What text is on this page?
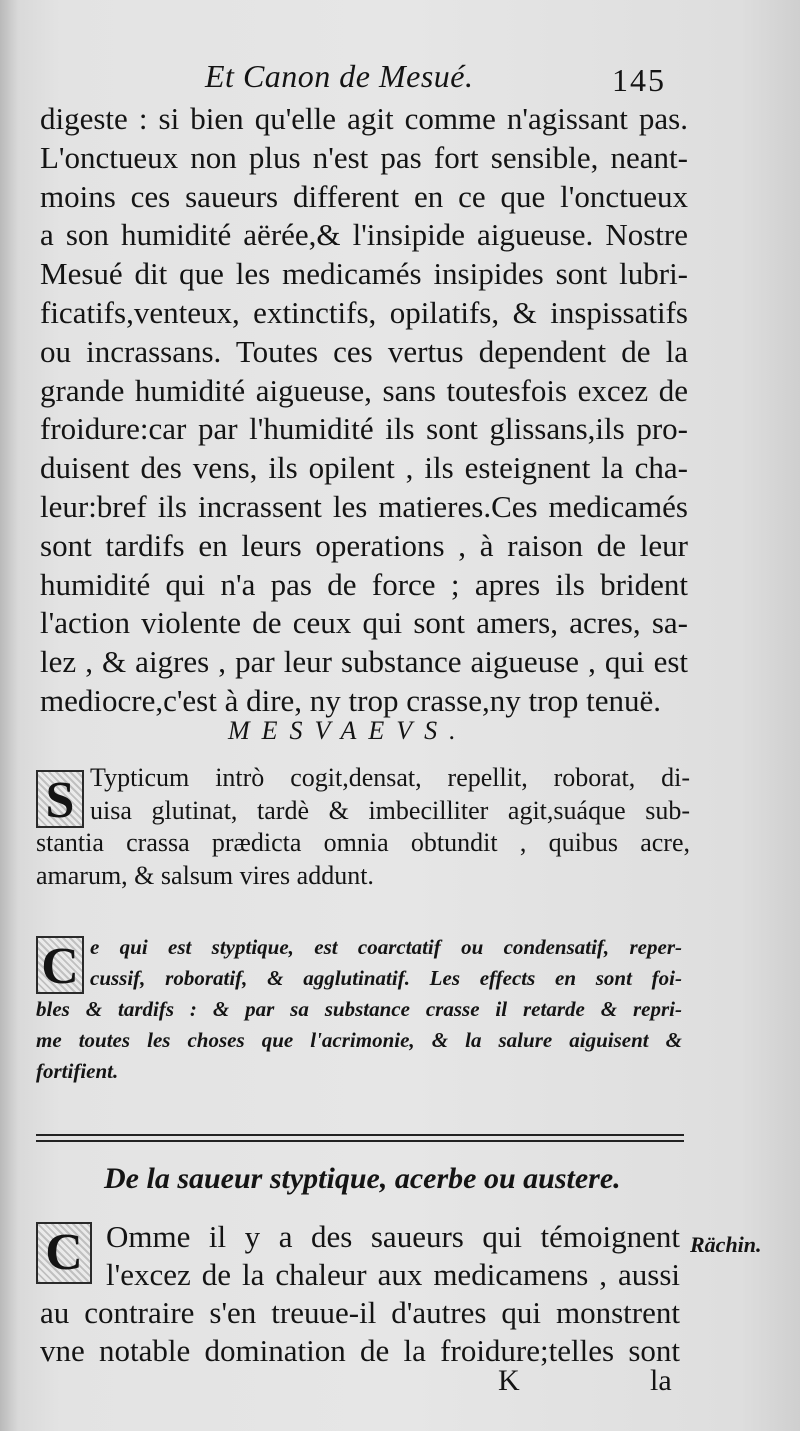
Et Canon de Mesué.	145
digeste : si bien qu'elle agit comme n'agissant pas.
L'onctueux non plus n'est pas fort sensible, neant-
moins ces saueurs different en ce que l'onctueux
a son humidité aërée,& l'insipide aigueuse. Nostre
Mesué dit que les medicamés insipides sont lubri-
ficatifs,venteux, extinctifs, opilatifs, & inspissatifs
ou incrassans. Toutes ces vertus dependent de la
grande humidité aigueuse, sans toutesfois excez de
froidure:car par l'humidité ils sont glissans,ils pro-
duisent des vens, ils opilent , ils esteignent la cha-
leur:bref ils incrassent les matieres.Ces medicamés
sont tardifs en leurs operations , à raison de leur
humidité qui n'a pas de force ; apres ils brident
l'action violente de ceux qui sont amers, acres, sa-
lez , & aigres , par leur substance aigueuse , qui est
mediocre,c'est à dire, ny trop crasse,ny trop tenuë.
MESVAEVS.
S Typticum intrò cogit,densat, repellit, roborat, di-
uisa glutinat, tardè & imbecilliter agit,suáque sub-
stantia crassa prædicta omnia obtundit , quibus acre,
amarum, & salsum vires addunt.
C e qui est styptique, est coarctatif ou condensatif, reper-
cussif, roboratif, & agglutinatif. Les effects en sont foi-
bles & tardifs : & par sa substance crasse il retarde & repri-
me toutes les choses que l'acrimonie, & la salure aiguisent &
fortifient.
De la saueur styptique, acerbe ou austere.
C Omme il y a des saueurs qui témoignent
l'excez de la chaleur aux medicamens , aussi
au contraire s'en treuue-il d'autres qui monstrent
vne notable domination de la froidure;telles sont
Rächin.
K	la
